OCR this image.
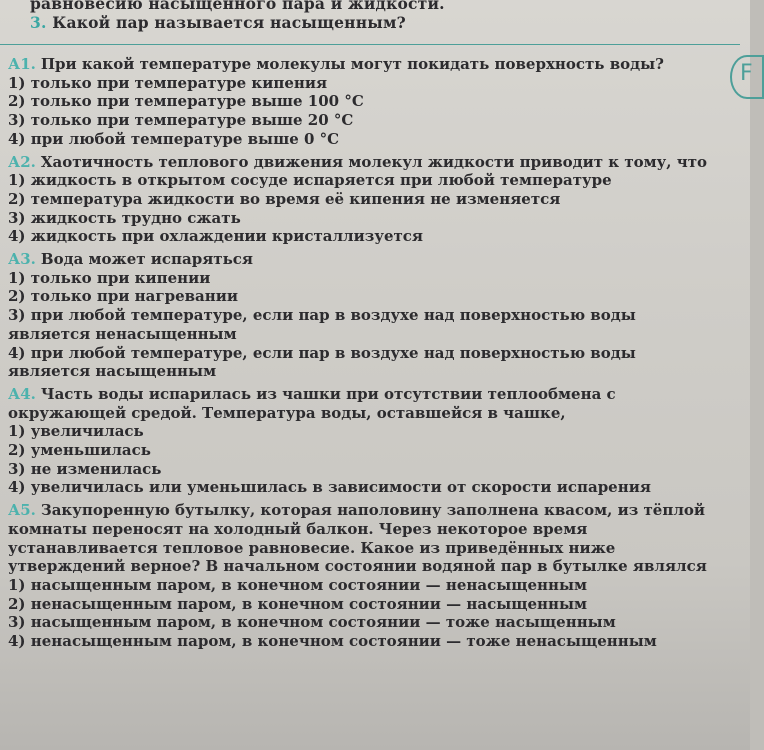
равновесию насыщенного пара и жидкости.
3. Какой пар называется насыщенным?
F
А1. При какой температуре молекулы могут покидать поверхность воды?
1) только при температуре кипения
2) только при температуре выше 100 °С
3) только при температуре выше 20 °С
4) при любой температуре выше 0 °С
А2. Хаотичность теплового движения молекул жидкости приводит к тому, что
1) жидкость в открытом сосуде испаряется при любой температуре
2) температура жидкости во время её кипения не изменяется
3) жидкость трудно сжать
4) жидкость при охлаждении кристаллизуется
А3. Вода может испаряться
1) только при кипении
2) только при нагревании
3) при любой температуре, если пар в воздухе над поверхностью воды является ненасыщенным
4) при любой температуре, если пар в воздухе над поверхностью воды является насыщенным
А4. Часть воды испарилась из чашки при отсутствии теплообмена с окружающей средой. Температура воды, оставшейся в чашке,
1) увеличилась
2) уменьшилась
3) не изменилась
4) увеличилась или уменьшилась в зависимости от скорости испарения
А5. Закупоренную бутылку, которая наполовину заполнена квасом, из тёплой комнаты переносят на холодный балкон. Через некоторое время устанавливается тепловое равновесие. Какое из приведённых ниже утверждений верное? В начальном состоянии водяной пар в бутылке являлся
1) насыщенным паром, в конечном состоянии — ненасыщенным
2) ненасыщенным паром, в конечном состоянии — насыщенным
3) насыщенным паром, в конечном состоянии — тоже насыщенным
4) ненасыщенным паром, в конечном состоянии — тоже ненасыщенным
